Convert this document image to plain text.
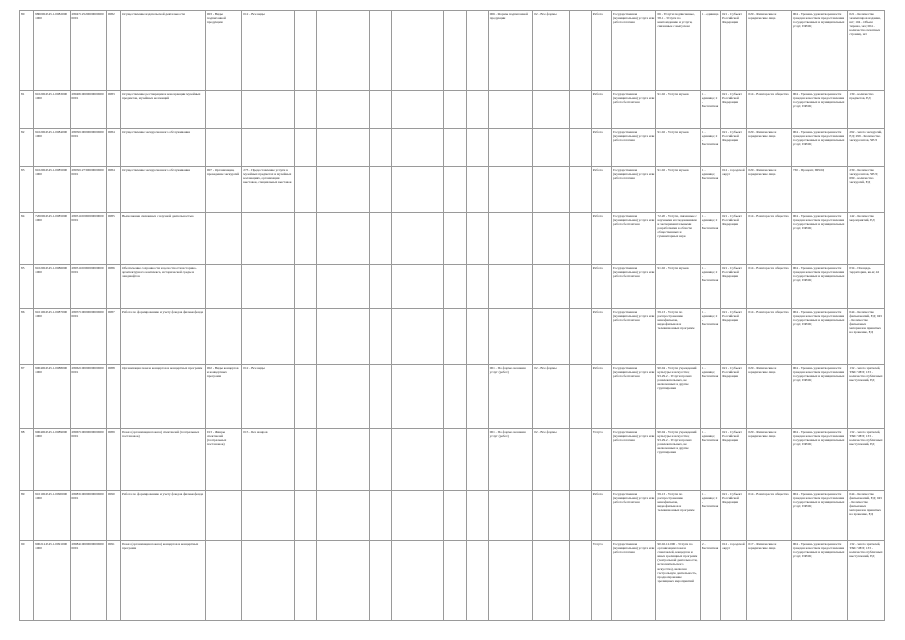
80	980000.Р.45.1.00820001000	28047125200000000000001	0082	Осуществление издательской деятельности	003 - Виды подписанной продукции	012 - Все виды							006 - Формы подписанной продукции	02 - Все формы		Работа	Государственная (муниципальная) услуга или работа платная	06 - Услуги подписанные, 58.1 - Услуги по книгоизданию и услуги, связанные с выпуском	1 - единица	021 - Субъект Российской Федерации	029 - Физические и юридические лица	004 - Уровень удовлетворенности граждан качеством предоставления государственных и муниципальных услуг, ПРОЦ	021 - Количество экземпляров издания, шт; 104 - Объем тиража, экз; 004 - количество печатных страниц, шт

81	910200.Р.45.1.00830001000	28048100000000000000001	0083	Осуществление реставрации и консервации музейных предметов, музейных коллекций												Работа	Государственная (муниципальная) услуга или работа бесплатная	91.02 - Услуги музеев	1 - единица; 2 - Бесплатная	021 - Субъект Российской Федерации	014 - В интересах общества	004 - Уровень удовлетворенности граждан качеством предоставления государственных и муниципальных услуг, ПРОЦ	139 - количество предметов, ЕД

82	910200.Р.45.1.00840001000	28050100000000000000001	0084	Осуществление экскурсионного обслуживания												Работа	Государственная (муниципальная) услуга или работа платная	91.02 - Услуги музеев	1 - единица; 2 - Бесплатная	021 - Субъект Российской Федерации	029 - Физические и юридические лица	004 - Уровень удовлетворенности граждан качеством предоставления государственных и муниципальных услуг, ПРОЦ	292 - число экскурсий, ЕД; 299 - Количество экскурсантов, ЧЕЛ

83	910200.Р.45.1.00850001000	28050127300000000000001	0084	Осуществление экскурсионного обслуживания	007 - Организация, проведение экскурсий	273 - Предоставление услуги в музейных предметах и музейных коллекциях, организация выставок, специальных выставок										Работа	Государственная (муниципальная) услуга или работа платная	91.02 - Услуги музеев	1 - единица; Бесплатная	012 - городской округ	029 - Физические и юридические лица	730 - Процент, ПРОЦ	239 - Количество экскурсантов, ЧЕЛ; 699 - количество экскурсий, ЕД

84	720000.Р.45.1.00850001000	28051100000000000000001	0085	Выполнение связанных с научной деятельностью												Работа	Государственная (муниципальная) услуга или работа бесплатная	72.20 - Услуги, связанные с научными исследованиями и экспериментальными разработками в области общественных и гуманитарных наук	1 - единица; 2 - Бесплатная	021 - Субъект Российской Федерации	014 - В интересах общества	004 - Уровень удовлетворенности граждан качеством предоставления государственных и муниципальных услуг, ПРОЦ	142 - Количество мероприятий, ЕД

85	910200.Р.45.1.00860001000	28051100000000000000001	0086	Обеспечение сохранности и целостности историко-архитектурного комплекса, исторической среды и ландшафтов												Работа	Государственная (муниципальная) услуга или работа бесплатная	91.02 - Услуги музеев	1 - единица; 2 - Бесплатная	021 - Субъект Российской Федерации	014 - В интересах общества	004 - Уровень удовлетворенности граждан качеством предоставления государственных и муниципальных услуг, ПРОЦ	034 - Площадь территории, кв.м; 42

86	910100.Р.45.1.00870001000	28057100000000000000001	0087	Работа по формированию и учету фондов фильмофонда												Работа	Государственная (муниципальная) услуга или работа бесплатная	59.13 - Услуги по распространению кинофильмов, видеофильмов и телевизионных программ	1 - единица; 2 - Бесплатная	021 - Субъект Российской Федерации	014 - В интересах общества	004 - Уровень удовлетворенности граждан качеством предоставления государственных и муниципальных услуг, ПРОЦ	044 - Количество фильмокопий, ЕД; 045 - Количество фильмовых материалов принятых на хранение, ЕД

87	900400.Р.45.1.00880001000	28062100000000000000001	0088	Организация показа концертов и концертных программ	002 - Виды концертов и концертных программ	012 - Все виды							001 - По форме оказания услуг (работ)	02 - Все формы		Работа	Государственная (муниципальная) услуга или работа бесплатная	90.04 - Услуги учреждений культуры и искусства; 93.29.2 - Услуги прочих развлекательных, не включенных в другие группировки	1 - единица; Бесплатная	021 - Субъект Российской Федерации	029 - Физические и юридические лица	004 - Уровень удовлетворенности граждан качеством предоставления государственных и муниципальных услуг, ПРОЦ	132 - число зрителей, ТЫС ЧЕЛ; 133 - количество публичных выступлений, ЕД

88	900400.Р.45.1.00890001000	28067100000000000000001	0089	Показ (организация показа) спектаклей (театральных постановок)	013 - Жанры спектаклей (театральных постановок)	015 - Без жанров							001 - По форме оказания услуг (работ)	02 - Все формы		Услуга	Государственная (муниципальная) услуга или работа платная	90.04 - Услуги учреждений культуры и искусства; 93.29.2 - Услуги прочих развлекательных, не включенных в другие группировки	1 - единица; Бесплатная	021 - Субъект Российской Федерации	029 - Физические и юридические лица	004 - Уровень удовлетворенности граждан качеством предоставления государственных и муниципальных услуг, ПРОЦ	132 - число зрителей, ТЫС ЧЕЛ; 133 - количество публичных выступлений, ЕД

89	910100.Р.45.1.00900001000	28083100000000000000001	0090	Работа по формированию и учету фондов фильмофонда												Работа	Государственная (муниципальная) услуга или работа бесплатная	59.13 - Услуги по распространению кинофильмов, видеофильмов и телевизионных программ	1 - единица; 2 - Бесплатная	021 - Субъект Российской Федерации	014 - В интересах общества	004 - Уровень удовлетворенности граждан качеством предоставления государственных и муниципальных услуг, ПРОЦ	044 - Количество фильмокопий, ЕД; 045 - Количество фильмовых материалов принятых на хранение, ЕД

90	900212.Р.45.1.00910001000	28084100000000000000001	0091	Показ (организация показа) концертов и концертных программ												Услуга	Государственная (муниципальная) услуга или работа платная	90.02.12.000 - Услуги по организации показа спектаклей, концертов и иных зрелищных программ (театральной деятельности, исполнительского искусства), включая гастрольную деятельность, продюсирование зрелищных мероприятий	2 - Бесплатная	012 - городской округ	017 - Физические и юридические лица	004 - Уровень удовлетворенности граждан качеством предоставления государственных и муниципальных услуг, ПРОЦ	132 - число зрителей, ТЫС ЧЕЛ; 133 - количество публичных выступлений, ЕД
